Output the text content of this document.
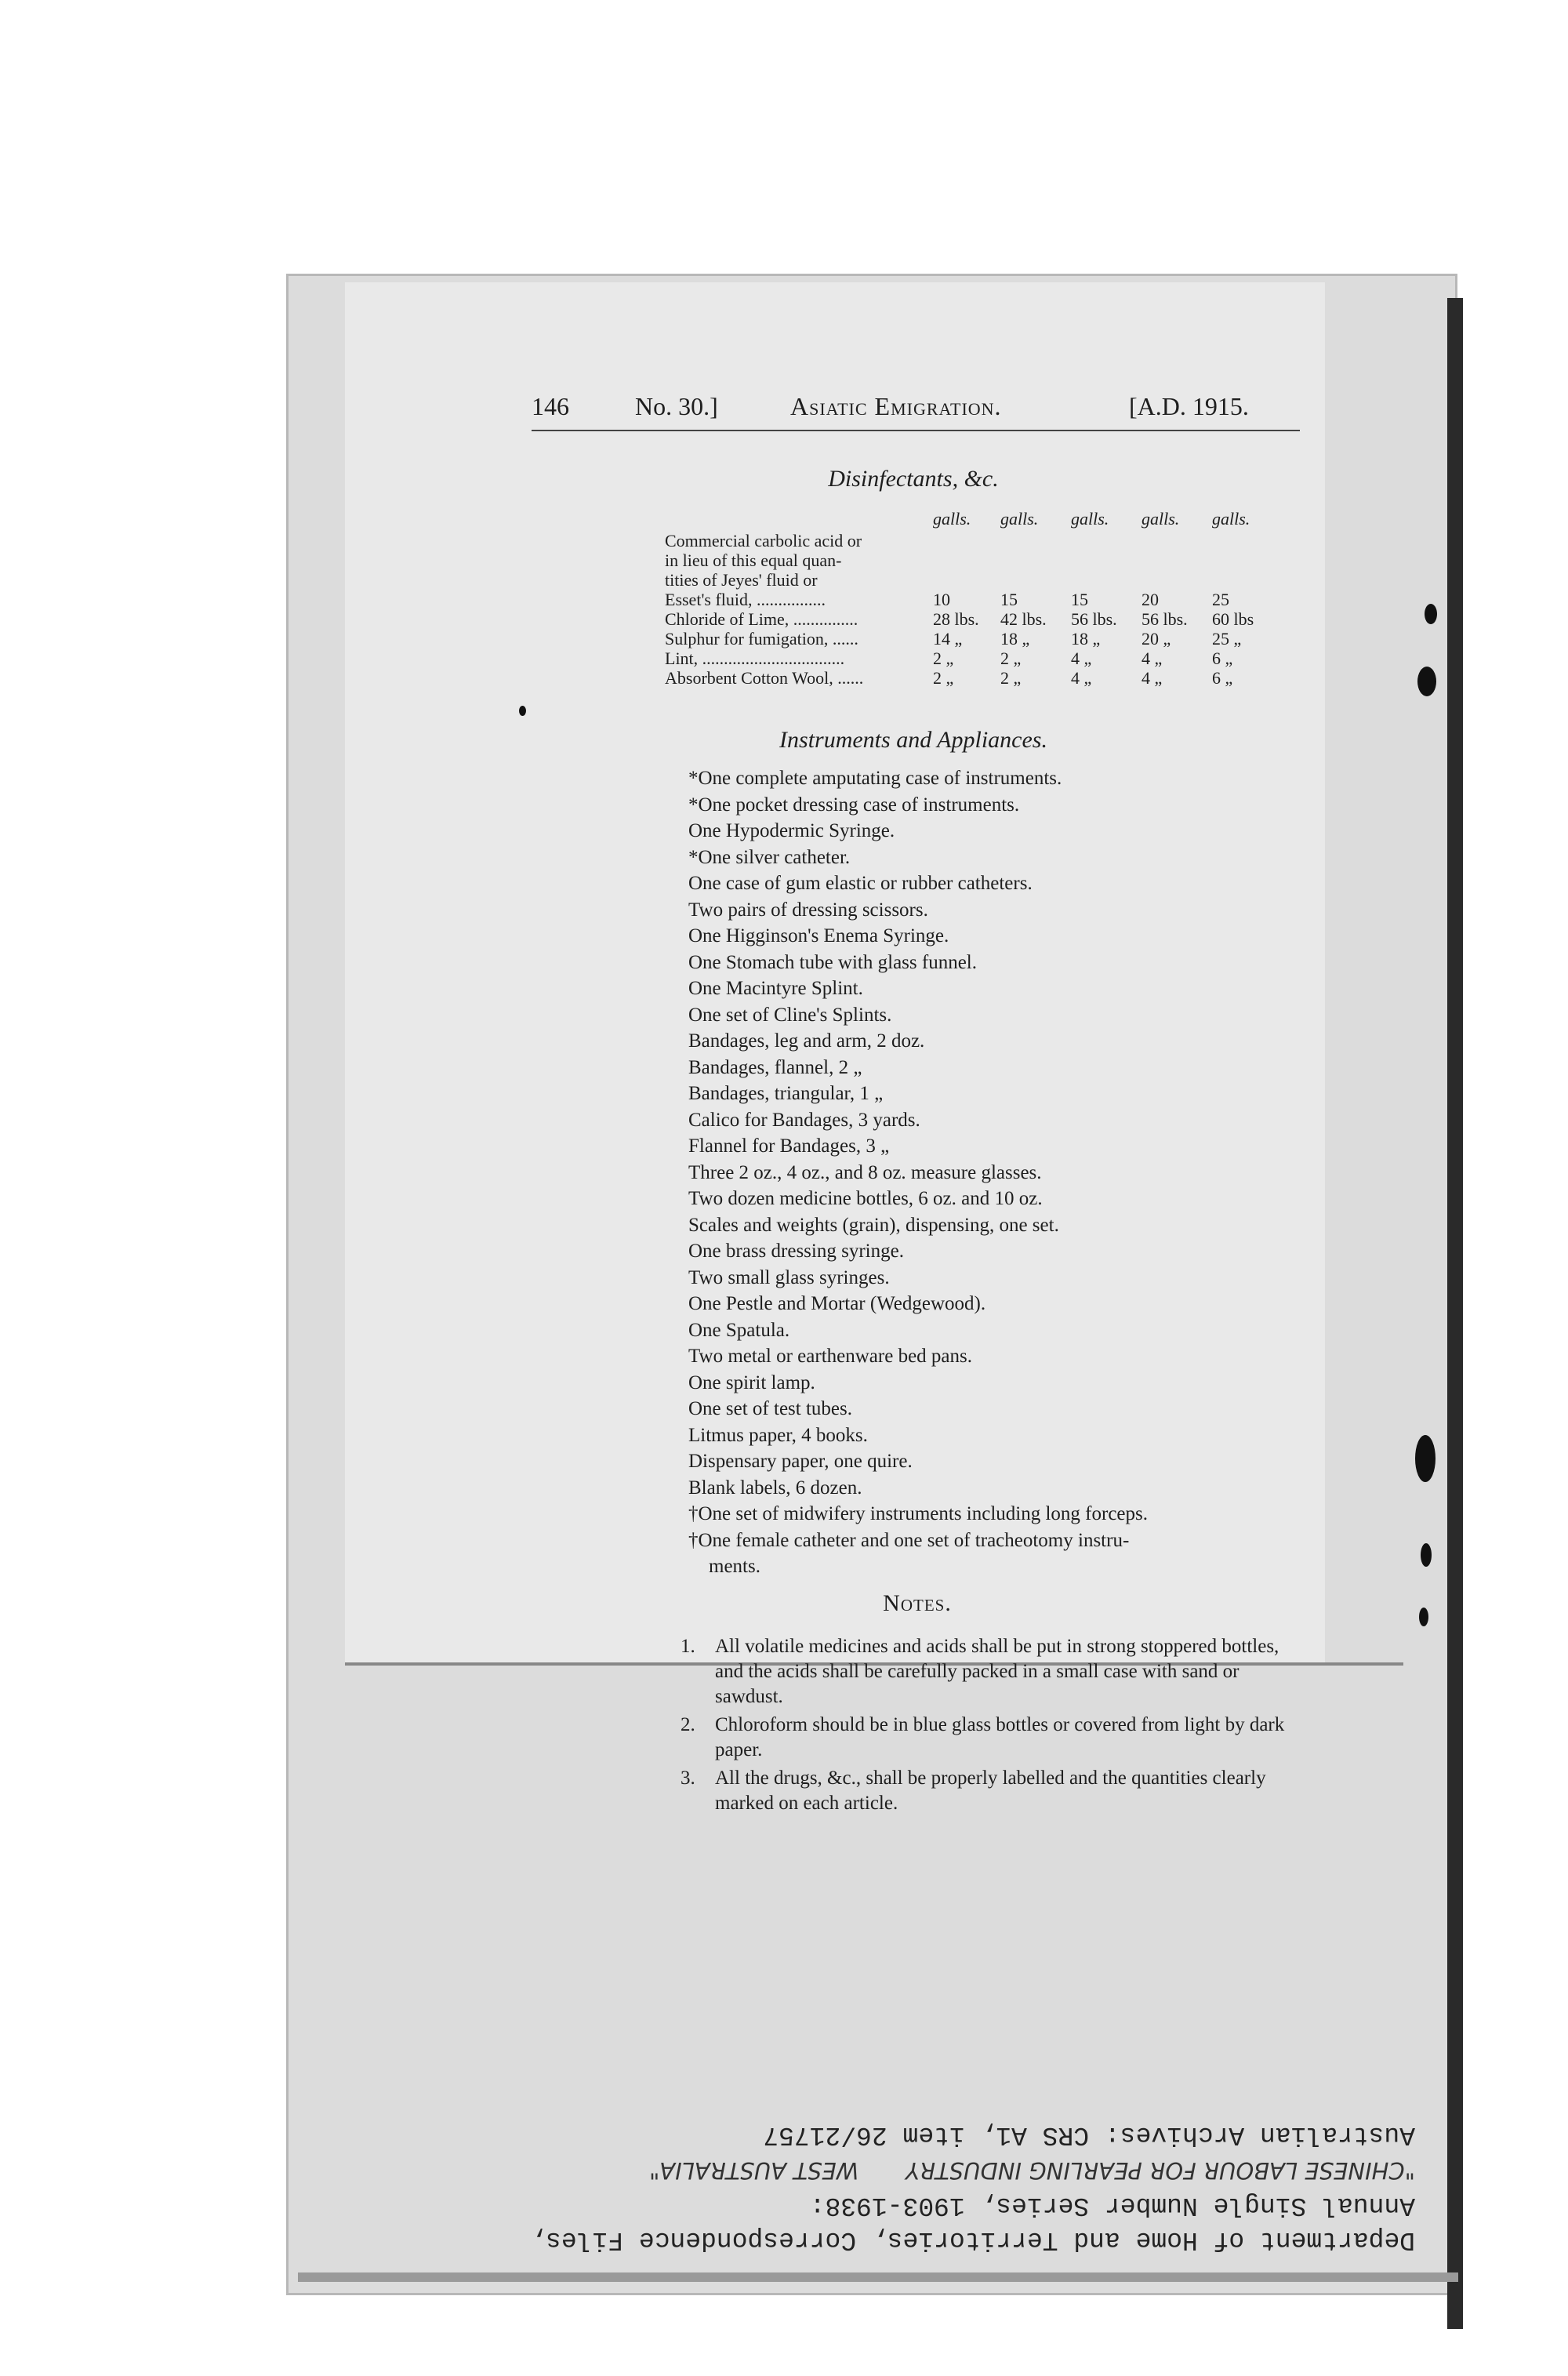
146	No. 30.]	Asiatic Emigration.	[A.D. 1915.
Disinfectants, &c.
galls. galls. galls. galls. galls.
Commercial carbolic acid or
in lieu of this equal quan-
tities of Jeyes' fluid or
Esset's fluid, ................	10	15	15	20	25
Chloride of Lime, ...............	28 lbs. 42 lbs. 56 lbs. 56 lbs. 60 lbs
Sulphur for fumigation, ......	14 „ 18 „ 18 „ 20 „ 25 „
Lint, .................................	2 „	2 „	4 „	4 „	6 „
Absorbent Cotton Wool, ......	2 „	2 „	4 „	4 „	6 „
Instruments and Appliances.
*One complete amputating case of instruments.
*One pocket dressing case of instruments.
One Hypodermic Syringe.
*One silver catheter.
One case of gum elastic or rubber catheters.
Two pairs of dressing scissors.
One Higginson's Enema Syringe.
One Stomach tube with glass funnel.
One Macintyre Splint.
One set of Cline's Splints.
Bandages, leg and arm, 2 doz.
Bandages, flannel, 2 „
Bandages, triangular, 1 „
Calico for Bandages, 3 yards.
Flannel for Bandages, 3 „
Three 2 oz., 4 oz., and 8 oz. measure glasses.
Two dozen medicine bottles, 6 oz. and 10 oz.
Scales and weights (grain), dispensing, one set.
One brass dressing syringe.
Two small glass syringes.
One Pestle and Mortar (Wedgewood).
One Spatula.
Two metal or earthenware bed pans.
One spirit lamp.
One set of test tubes.
Litmus paper, 4 books.
Dispensary paper, one quire.
Blank labels, 6 dozen.
†One set of midwifery instruments including long forceps.
†One female catheter and one set of tracheotomy instru-
ments.
Notes.
1. All volatile medicines and acids shall be put in strong stoppered bottles, and the acids shall be carefully packed in a small case with sand or sawdust.
2. Chloroform should be in blue glass bottles or covered from light by dark paper.
3. All the drugs, &c., shall be properly labelled and the quantities clearly marked on each article.
Department of Home and Territories, Correspondence Files,
Annual Single Number Series, 1903-1938:
"CHINESE LABOUR FOR PEARLING INDUSTRY WEST AUSTRALIA"
Australian Archives: CRS A1, item 26/21757
